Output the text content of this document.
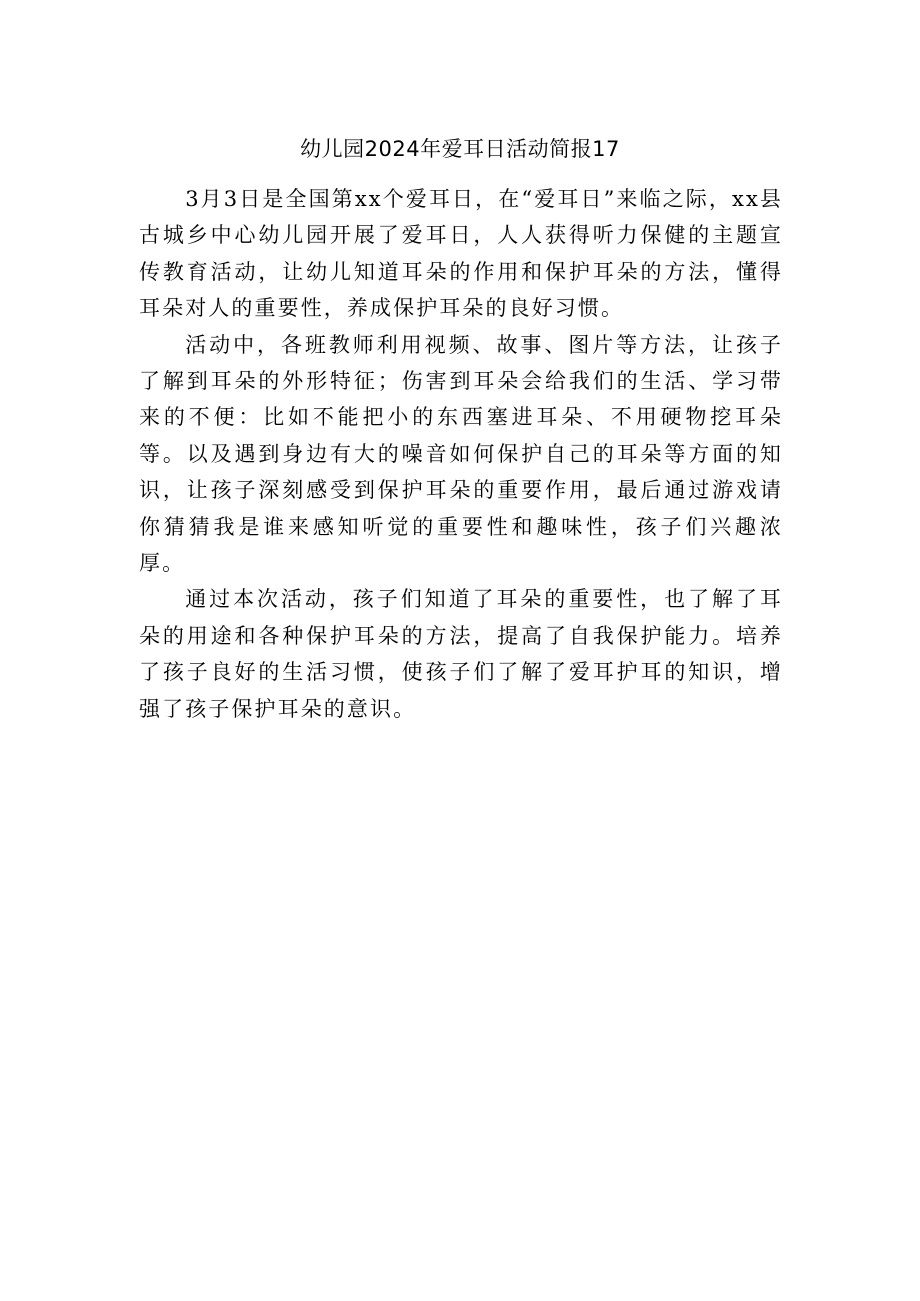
幼儿园2024年爱耳日活动简报17

3月3日是全国第xx个爱耳日，在“爱耳日”来临之际，xx县古城乡中心幼儿园开展了爱耳日，人人获得听力保健的主题宣传教育活动，让幼儿知道耳朵的作用和保护耳朵的方法，懂得耳朵对人的重要性，养成保护耳朵的良好习惯。

活动中，各班教师利用视频、故事、图片等方法，让孩子了解到耳朵的外形特征；伤害到耳朵会给我们的生活、学习带来的不便：比如不能把小的东西塞进耳朵、不用硬物挖耳朵等。以及遇到身边有大的噪音如何保护自己的耳朵等方面的知识，让孩子深刻感受到保护耳朵的重要作用，最后通过游戏请你猜猜我是谁来感知听觉的重要性和趣味性，孩子们兴趣浓厚。

通过本次活动，孩子们知道了耳朵的重要性，也了解了耳朵的用途和各种保护耳朵的方法，提高了自我保护能力。培养了孩子良好的生活习惯，使孩子们了解了爱耳护耳的知识，增强了孩子保护耳朵的意识。
